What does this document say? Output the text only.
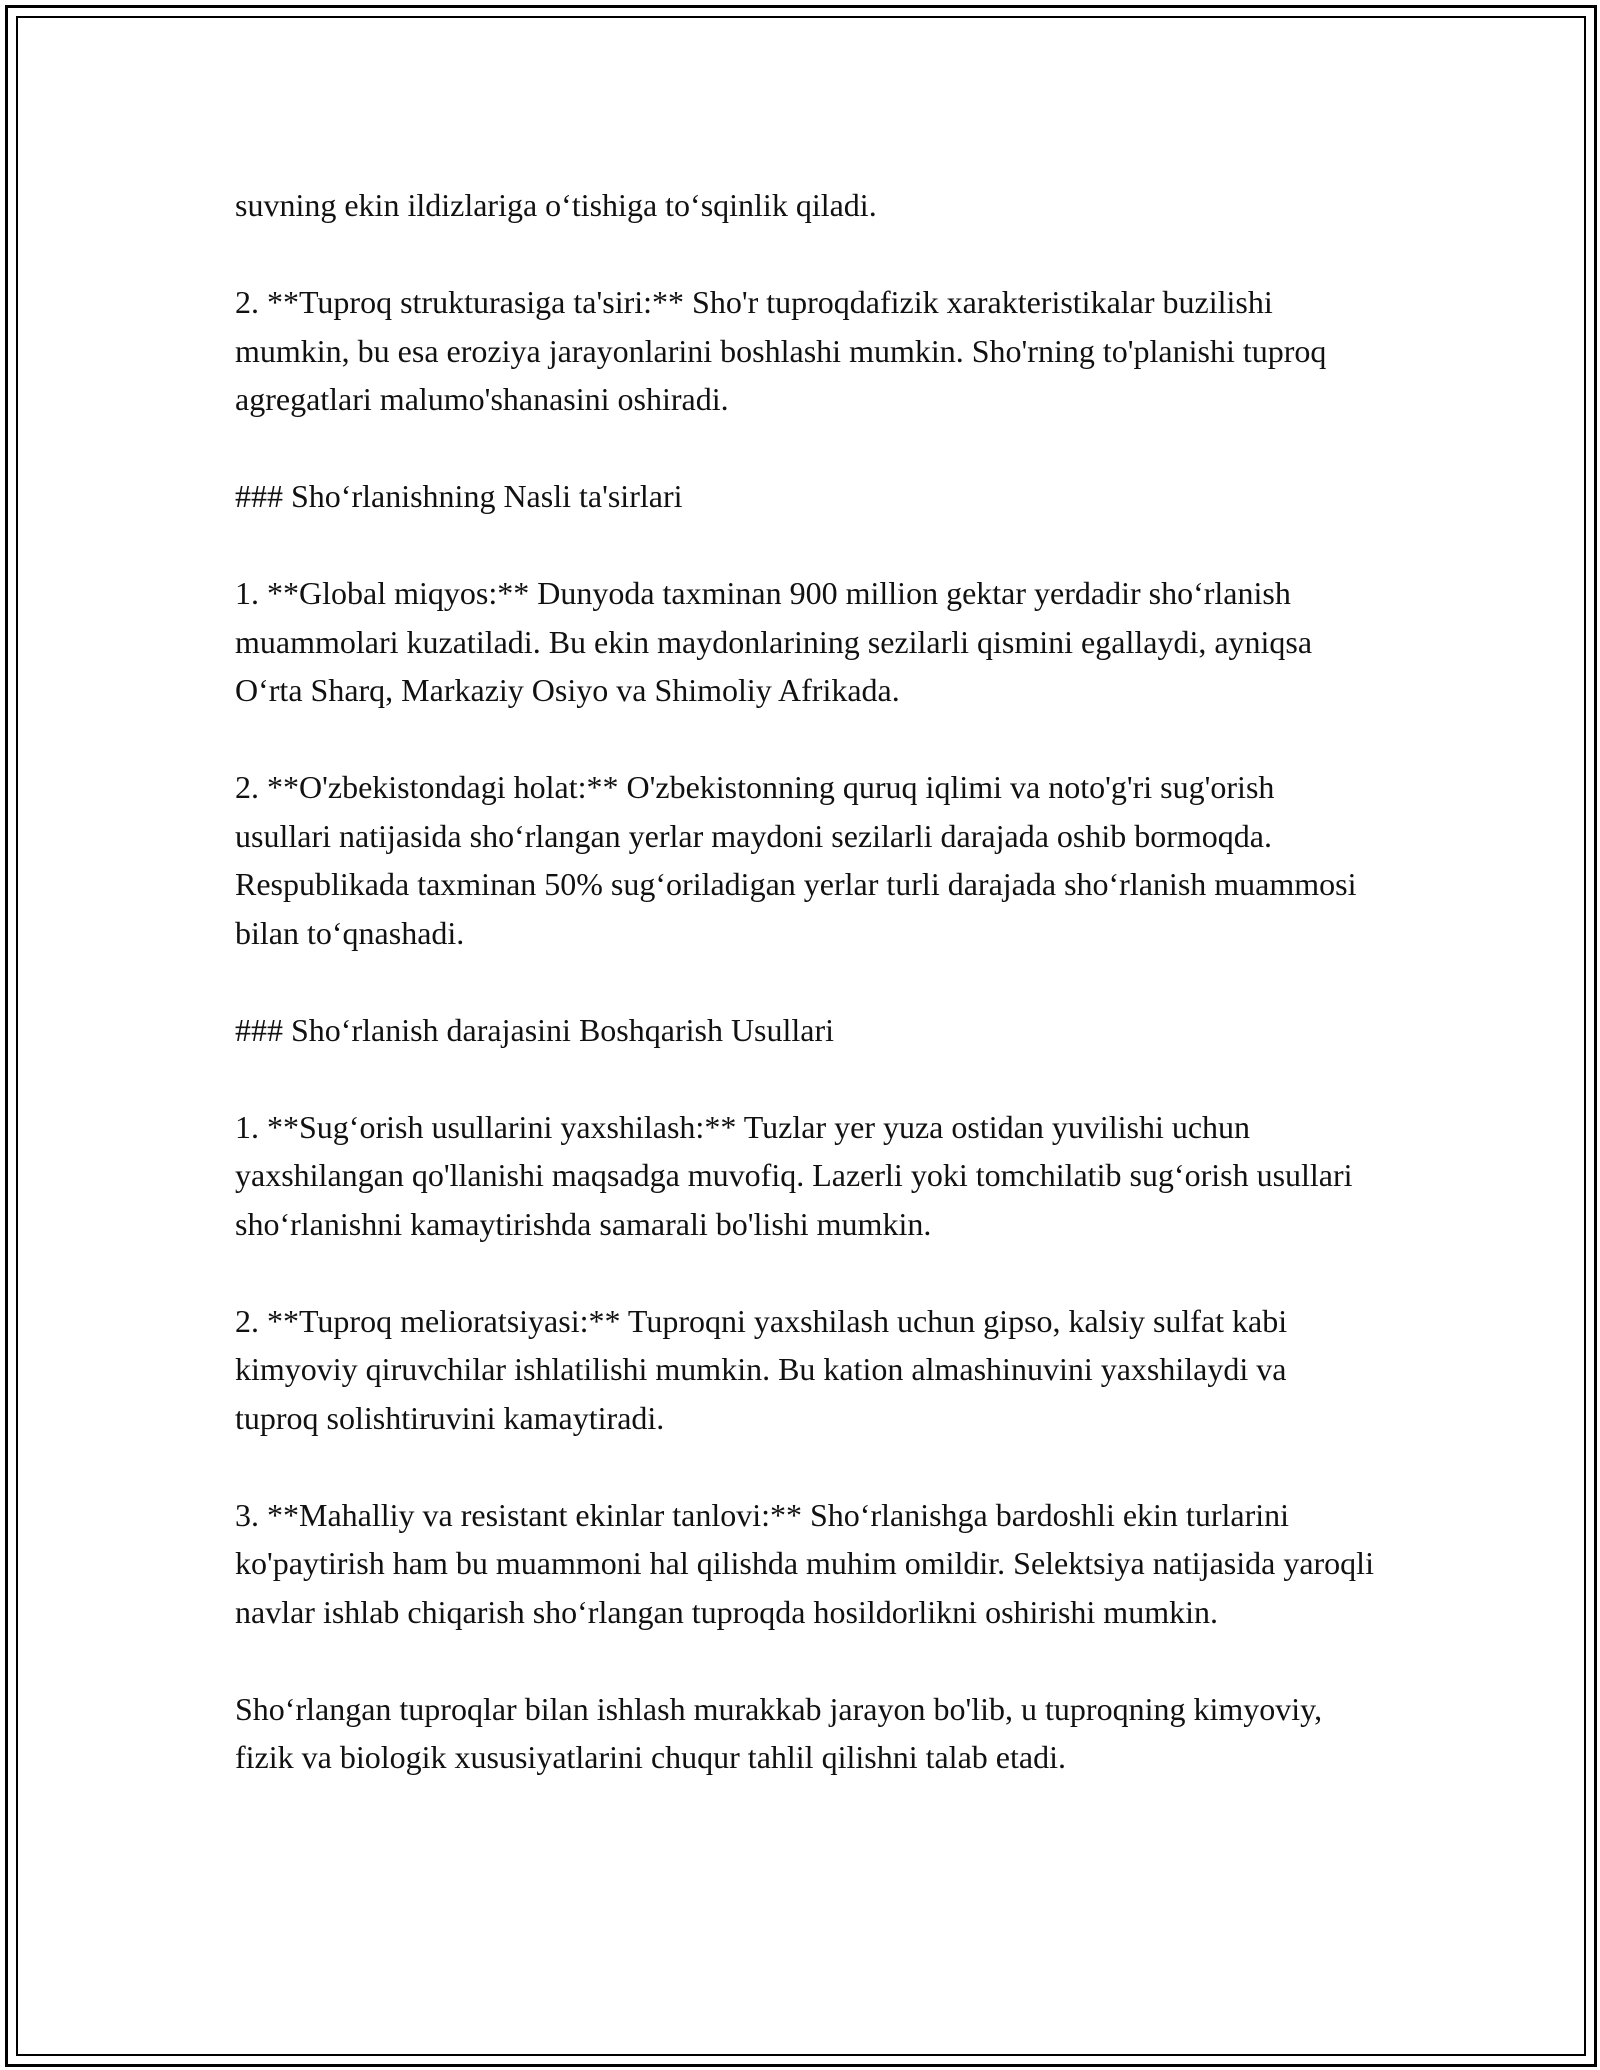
suvning ekin ildizlariga o‘tishiga to‘sqinlik qiladi.

2. **Tuproq strukturasiga ta'siri:** Sho'r tuproqdafizik xarakteristikalar buzilishi mumkin, bu esa eroziya jarayonlarini boshlashi mumkin. Sho'rning to'planishi tuproq agregatlari malumo'shanasini oshiradi.

### Sho‘rlanishning Nasli ta'sirlari

1. **Global miqyos:** Dunyoda taxminan 900 million gektar yerdadir sho‘rlanish muammolari kuzatiladi. Bu ekin maydonlarining sezilarli qismini egallaydi, ayniqsa O‘rta Sharq, Markaziy Osiyo va Shimoliy Afrikada.

2. **O'zbekistondagi holat:** O'zbekistonning quruq iqlimi va noto'g'ri sug'orish usullari natijasida sho‘rlangan yerlar maydoni sezilarli darajada oshib bormoqda. Respublikada taxminan 50% sug‘oriladigan yerlar turli darajada sho‘rlanish muammosi bilan to‘qnashadi.

### Sho‘rlanish darajasini Boshqarish Usullari

1. **Sug‘orish usullarini yaxshilash:** Tuzlar yer yuza ostidan yuvilishi uchun yaxshilangan qo'llanishi maqsadga muvofiq. Lazerli yoki tomchilatib sug‘orish usullari sho‘rlanishni kamaytirishda samarali bo'lishi mumkin.

2. **Tuproq melioratsiyasi:** Tuproqni yaxshilash uchun gipso, kalsiy sulfat kabi kimyoviy qiruvchilar ishlatilishi mumkin. Bu kation almashinuvini yaxshilaydi va tuproq solishtiruvini kamaytiradi.

3. **Mahalliy va resistant ekinlar tanlovi:** Sho‘rlanishga bardoshli ekin turlarini ko'paytirish ham bu muammoni hal qilishda muhim omildir. Selektsiya natijasida yaroqli navlar ishlab chiqarish sho‘rlangan tuproqda hosildorlikni oshirishi mumkin.

Sho‘rlangan tuproqlar bilan ishlash murakkab jarayon bo'lib, u tuproqning kimyoviy, fizik va biologik xususiyatlarini chuqur tahlil qilishni talab etadi.
